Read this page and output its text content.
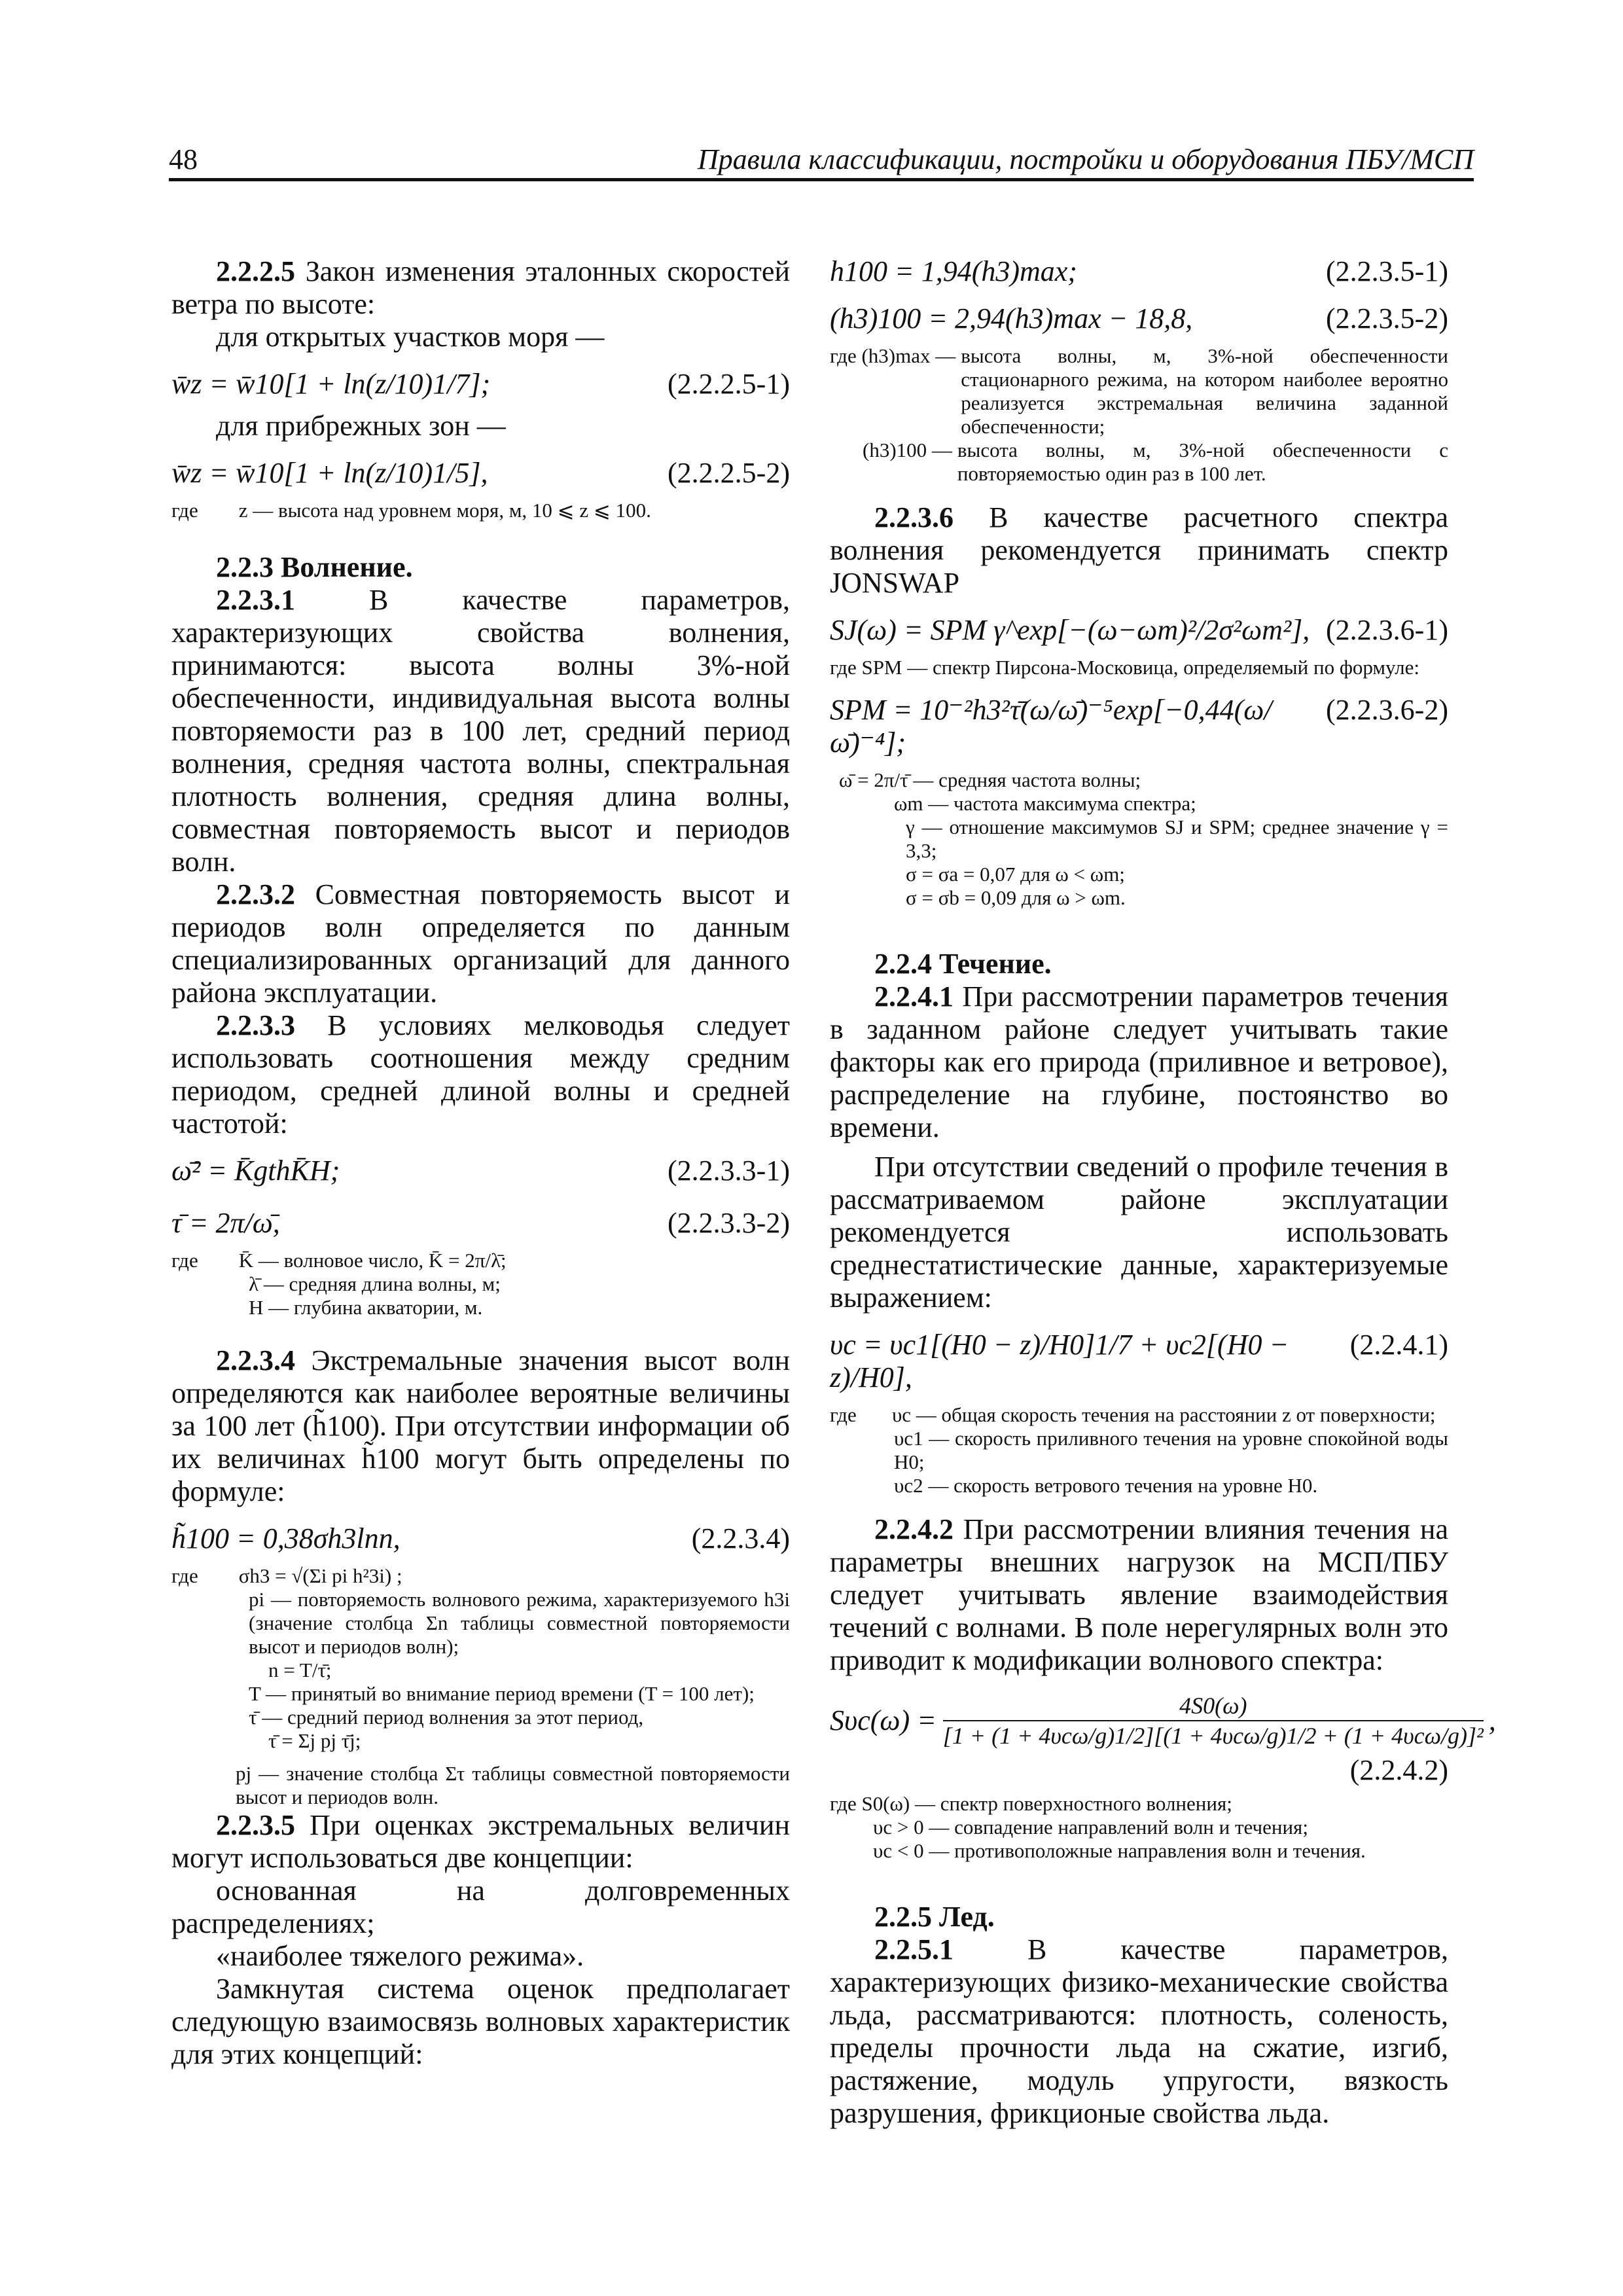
48	Правила классификации, постройки и оборудования ПБУ/МСП

2.2.2.5 Закон изменения эталонных скоростей ветра по высоте:

для открытых участков моря —

w̄z = w̄10[1 + ln(z/10)1/7];	(2.2.2.5-1)

для прибрежных зон —

w̄z = w̄10[1 + ln(z/10)1/5],	(2.2.2.5-2)
где        z — высота над уровнем моря, м, 10 ⩽ z ⩽ 100.

2.2.3 Волнение.

2.2.3.1 В качестве параметров, характеризующих свойства волнения, принимаются: высота волны 3%-ной обеспеченности, индивидуальная высота волны повторяемости раз в 100 лет, средний период волнения, средняя частота волны, спектральная плотность волнения, средняя длина волны, совместная повторяемость высот и периодов волн.

2.2.3.2 Совместная повторяемость высот и периодов волн определяется по данным специализированных организаций для данного района эксплуатации.

2.2.3.3 В условиях мелководья следует использовать соотношения между средним периодом, средней длиной волны и средней частотой:

ω̄² = K̄gthK̄H;	(2.2.3.3-1)
τ̄ = 2π/ω̄,	(2.2.3.3-2)
где        K̄ — волновое число, K̄ = 2π/λ̄;
λ̄ — средняя длина волны, м;
H — глубина акватории, м.

2.2.3.4 Экстремальные значения высот волн определяются как наиболее вероятные величины за 100 лет (h̃100). При отсутствии информации об их величинах h̃100 могут быть определены по формуле:

h̃100 = 0,38σh3lnn,	(2.2.3.4)
где        σh3 = √(Σi pi h²3i) ;
pi — повторяемость волнового режима, характеризуемого h3i (значение столбца Σn таблицы совместной повторяемости высот и периодов волн);
n = T/τ̄;
T — принятый во внимание период времени (T = 100 лет);
τ̄ — средний период волнения за этот период,
τ̄ = Σj pj τ̄j;
pj — значение столбца Στ таблицы совместной повторяемости высот и периодов волн.

2.2.3.5 При оценках экстремальных величин могут использоваться две концепции:

основанная на долговременных распределениях;

«наиболее тяжелого режима».

Замкнутая система оценок предполагает следующую взаимосвязь волновых характеристик для этих концепций:

h100 = 1,94(h3)max;	(2.2.3.5-1)
(h3)100 = 2,94(h3)max − 18,8,	(2.2.3.5-2)
где (h3)max — высота волны, м, 3%-ной обеспеченности стационарного режима, на котором наиболее вероятно реализуется экстремальная величина заданной обеспеченности;
(h3)100 — высота волны, м, 3%-ной обеспеченности с повторяемостью один раз в 100 лет.

2.2.3.6 В качестве расчетного спектра волнения рекомендуется принимать спектр JONSWAP

SJ(ω) = SPM γ^exp[−(ω−ωm)²/2σ²ωm²], (2.2.3.6-1)
где SPM — спектр Пирсона-Московица, определяемый по формуле:
SPM = 10⁻²h3²τ̄(ω/ω̄)⁻⁵exp[−0,44(ω/ω̄)⁻⁴];
(2.2.3.6-2)
ω̄ = 2π/τ̄ — средняя частота волны;
ωm — частота максимума спектра;
γ — отношение максимумов SJ и SPM; среднее значение γ = 3,3;
σ = σa = 0,07 для ω < ωm;
σ = σb = 0,09 для ω > ωm.

2.2.4 Течение.

2.2.4.1 При рассмотрении параметров течения в заданном районе следует учитывать такие факторы как его природа (приливное и ветровое), распределение на глубине, постоянство во времени.

При отсутствии сведений о профиле течения в рассматриваемом районе эксплуатации рекомендуется использовать среднестатистические данные, характеризуемые выражением:

υc = υc1[(H0 − z)/H0]1/7 + υc2[(H0 − z)/H0],
(2.2.4.1)
где       υc — общая скорость течения на расстоянии z от поверхности;
υc1 — скорость приливного течения на уровне спокойной воды H0;
υc2 — скорость ветрового течения на уровне H0.

2.2.4.2 При рассмотрении влияния течения на параметры внешних нагрузок на МСП/ПБУ следует учитывать явление взаимодействия течений с волнами. В поле нерегулярных волн это приводит к модификации волнового спектра:

Sυc(ω) =	4S0(ω)
[1 + (1 + 4υcω/g)1/2][(1 + 4υcω/g)1/2 + (1 + 4υcω/g)]² ,
(2.2.4.2)
где S0(ω) — спектр поверхностного волнения;
υc > 0 — совпадение направлений волн и течения;
υc < 0 — противоположные направления волн и течения.

2.2.5 Лед.

2.2.5.1 В качестве параметров, характеризующих физико-механические свойства льда, рассматриваются: плотность, соленость, пределы прочности льда на сжатие, изгиб, растяжение, модуль упругости, вязкость разрушения, фрикционые свойства льда.
